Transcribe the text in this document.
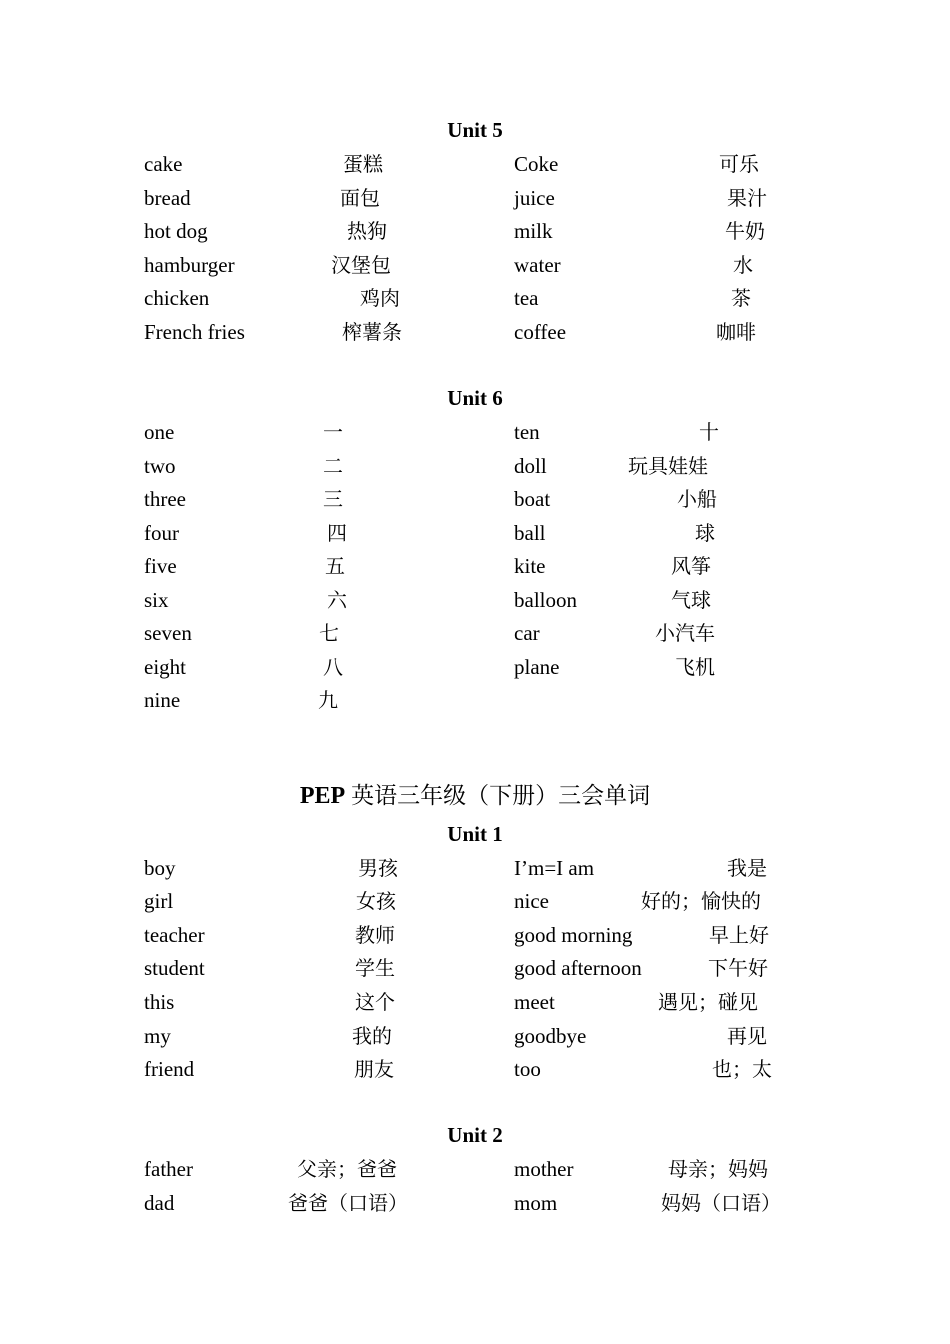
Unit 5
cake	蛋糕	Coke	可乐
bread	面包	juice	果汁
hot dog	热狗	milk	牛奶
hamburger	汉堡包	water	水
chicken	鸡肉	tea	茶
French fries	榨薯条	coffee	咖啡
Unit 6
one	一	ten	十
two	二	doll	玩具娃娃
three	三	boat	小船
four	四	ball	球
five	五	kite	风筝
six	六	balloon	气球
seven	七	car	小汽车
eight	八	plane	飞机
nine	九
PEP 英语三年级（下册）三会单词
Unit 1
boy	男孩	I’m=I am	我是
girl	女孩	nice	好的；愉快的
teacher	教师	good morning	早上好
student	学生	good afternoon	下午好
this	这个	meet	遇见；碰见
my	我的	goodbye	再见
friend	朋友	too	也；太
Unit 2
father	父亲；爸爸	mother	母亲；妈妈
dad	爸爸（口语）	mom	妈妈（口语）
